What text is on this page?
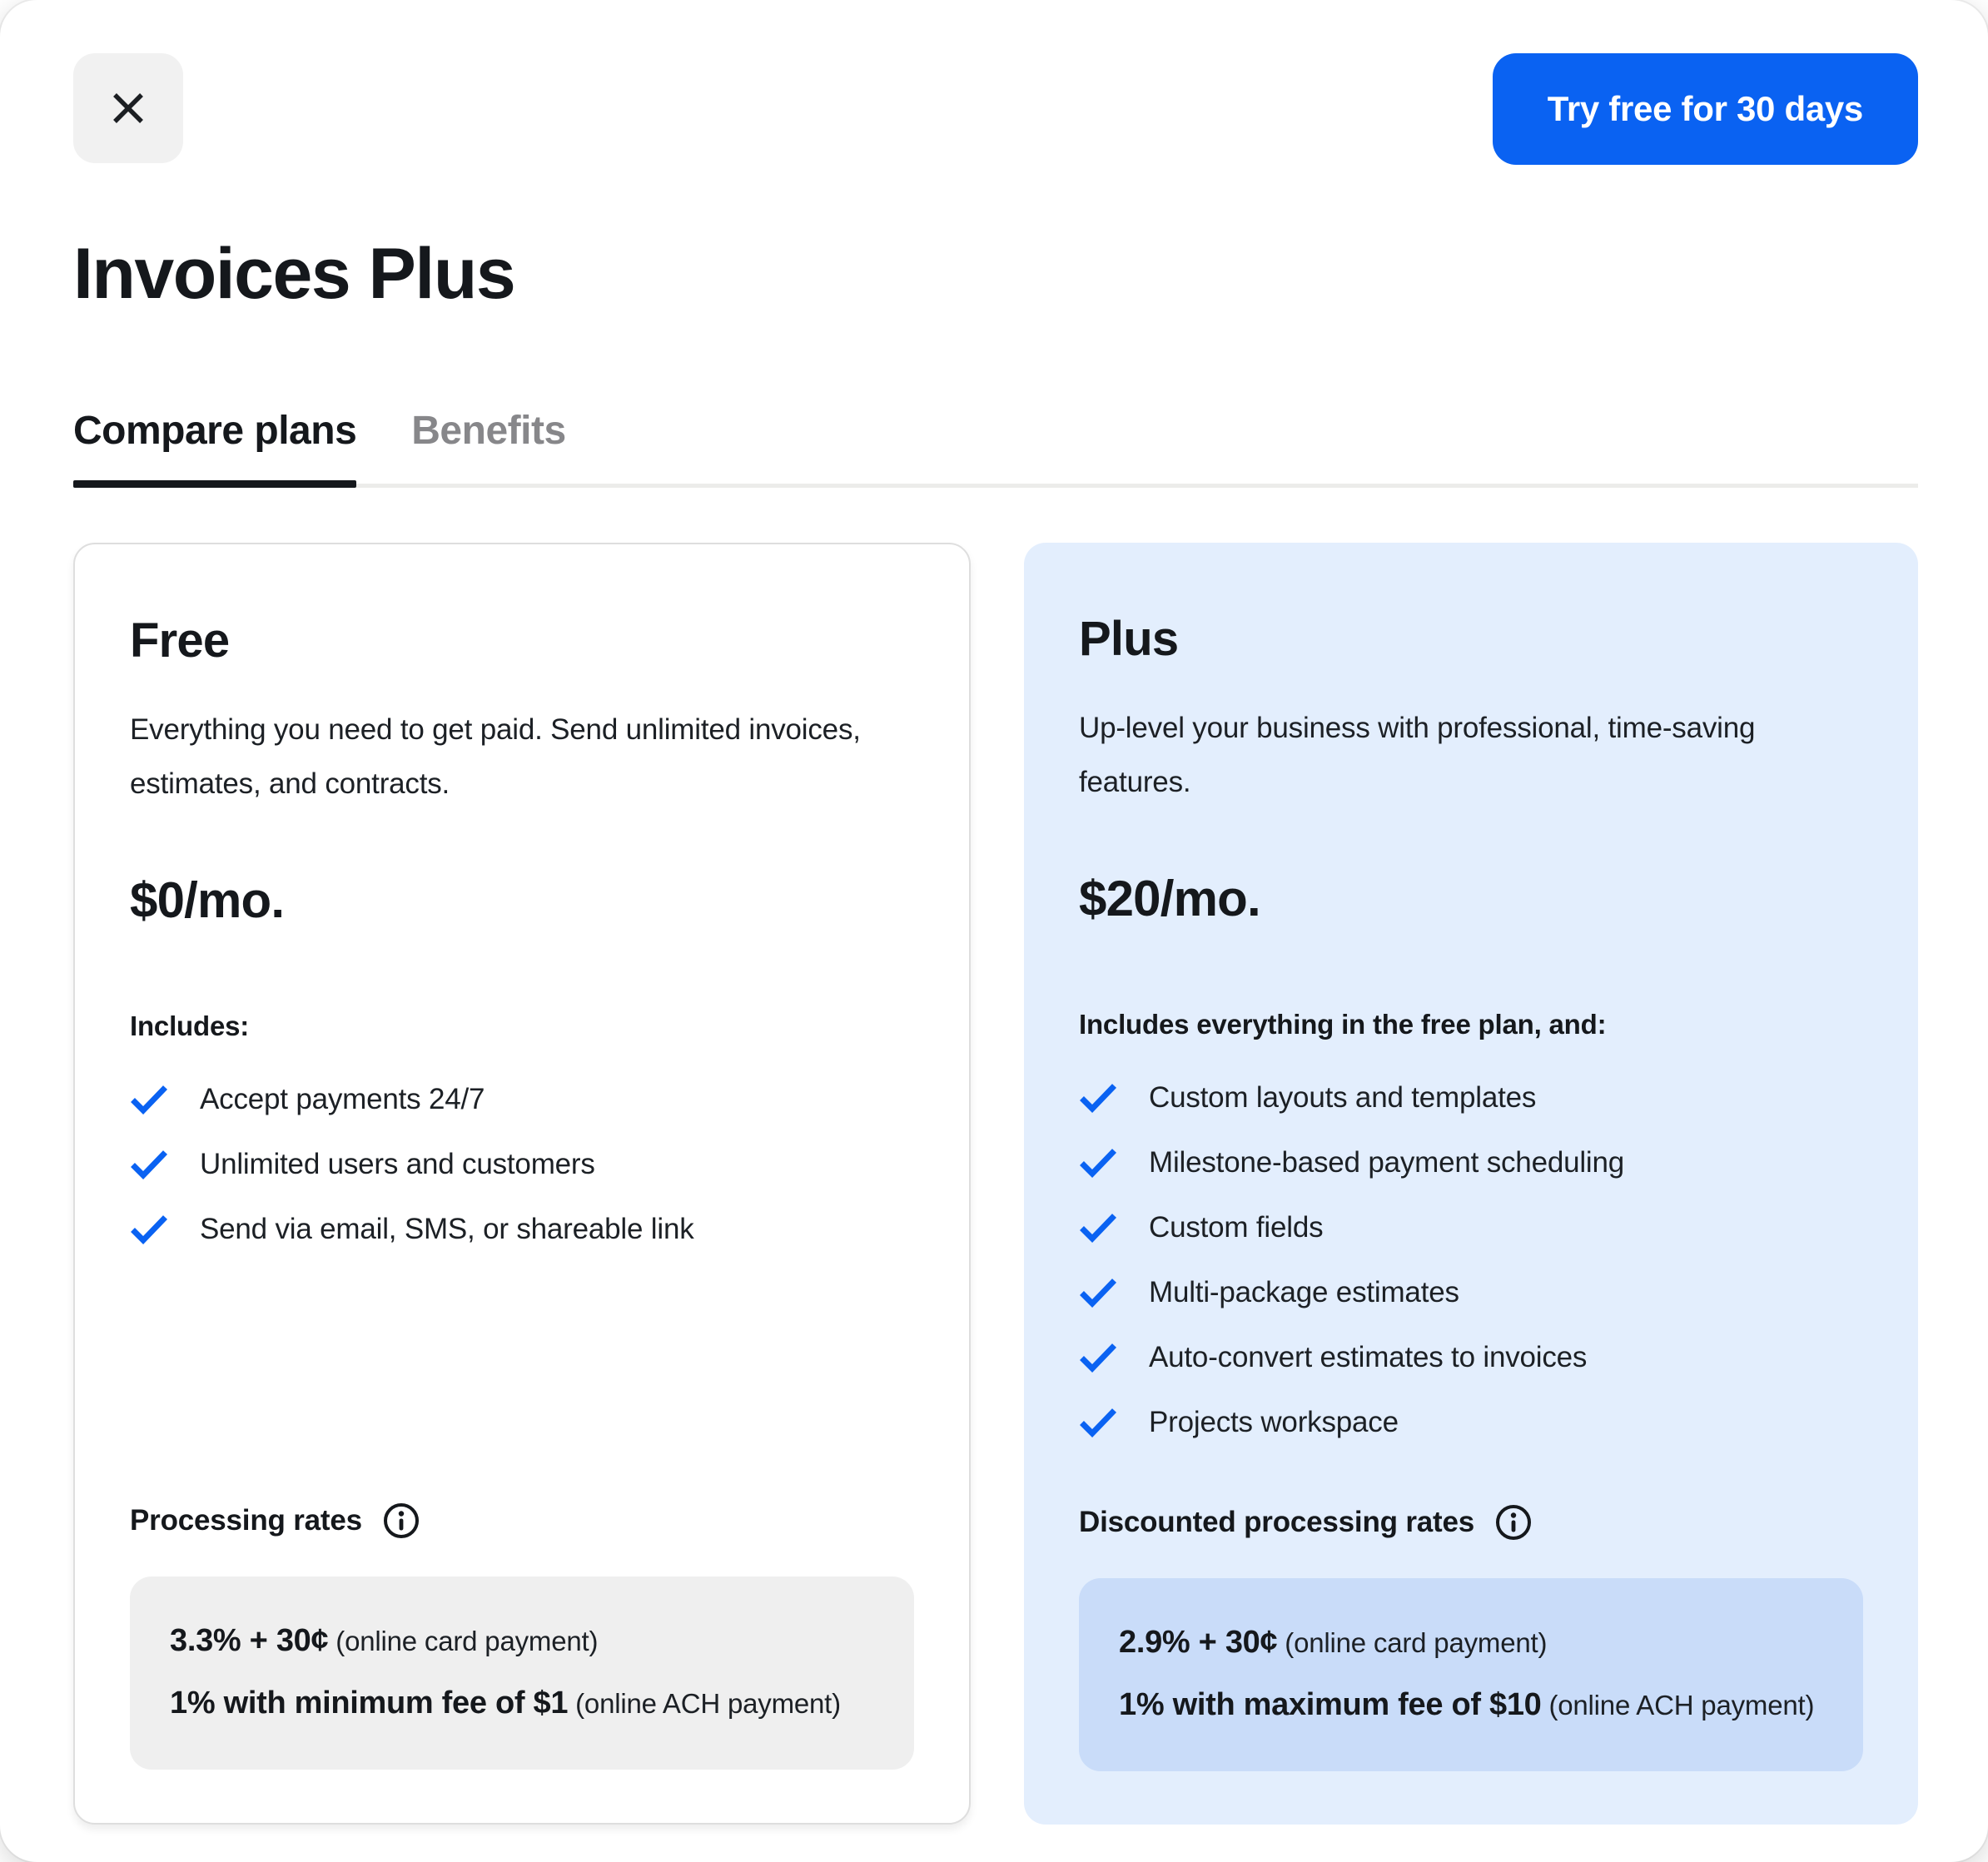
Try free for 30 days
Invoices Plus
Compare plans Benefits
Free

Everything you need to get paid. Send unlimited invoices, estimates, and contracts.

$0/mo.
Includes:
Accept payments 24/7
Unlimited users and customers
Send via email, SMS, or shareable link
Processing rates

3.3% + 30¢ (online card payment)

1% with minimum fee of $1 (online ACH payment)

Plus

Up-level your business with professional, time-saving features.

$20/mo.
Includes everything in the free plan, and:
Custom layouts and templates
Milestone-based payment scheduling
Custom fields
Multi-package estimates
Auto-convert estimates to invoices
Projects workspace
Discounted processing rates

2.9% + 30¢ (online card payment)

1% with maximum fee of $10 (online ACH payment)
